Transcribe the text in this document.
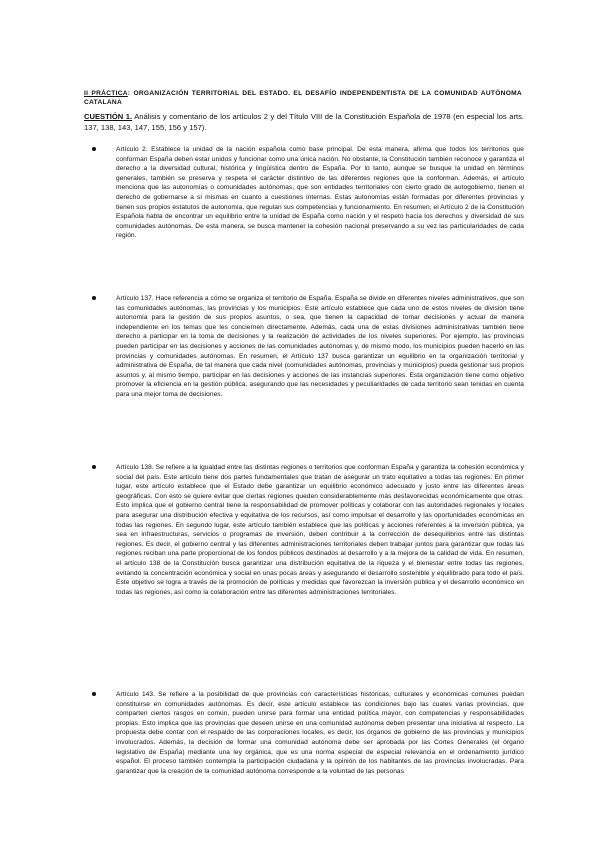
II PRÁCTICA: ORGANIZACIÓN TERRITORIAL DEL ESTADO. EL DESAFÍO INDEPENDENTISTA DE LA COMUNIDAD AUTÓNOMA CATALANA
CUESTIÓN 1. Análisis y comentario de los artículos 2 y del Título VIII de la Constitución Española de 1978 (en especial los arts. 137, 138, 143, 147, 155, 156 y 157).
Artículo 2. Establece la unidad de la nación española como base principal. De esta manera, afirma que todos los territorios que conforman España deben estar unidos y funcionar como una única nación. No obstante, la Constitución también reconoce y garantiza el derecho a la diversidad cultural, histórica y lingüística dentro de España. Por lo tanto, aunque se busque la unidad en términos generales, también se preserva y respeta el carácter distintivo de las diferentes regiones que la conforman. Además, el artículo menciona que las autonomías o comunidades autónomas, que son entidades territoriales con cierto grado de autogobierno, tienen el derecho de gobernarse a sí mismas en cuanto a cuestiones internas. Estas autonomías están formadas por diferentes provincias y tienen sus propios estatutos de autonomía, que regulan sus competencias y funcionamiento. En resumen, el Artículo 2 de la Constitución Española habla de encontrar un equilibrio entre la unidad de España como nación y el respeto hacia los derechos y diversidad de sus comunidades autónomas. De esta manera, se busca mantener la cohesión nacional preservando a su vez las particularidades de cada región.
Artículo 137. Hace referencia a cómo se organiza el territorio de España. España se divide en diferentes niveles administrativos, que son las comunidades autónomas, las provincias y los municipios. Este artículo establece que cada uno de estos niveles de división tiene autonomía para la gestión de sus propios asuntos, o sea, que tienen la capacidad de tomar decisiones y actuar de manera independiente en los temas que les conciernen directamente. Además, cada una de estas divisiones administrativas también tiene derecho a participar en la toma de decisiones y la realización de actividades de los niveles superiores. Por ejemplo, las provincias pueden participar en las decisiones y acciones de las comunidades autónomas y, de mismo modo, los municipios pueden hacerlo en las provincias y comunidades autónomas. En resumen, el Artículo 137 busca garantizar un equilibrio en la organización territorial y administrativa de España, de tal manera que cada nivel (comunidades autónomas, provincias y municipios) pueda gestionar sus propios asuntos y, al mismo tiempo, participar en las decisiones y acciones de las instancias superiores. Esta organización tiene como objetivo promover la eficiencia en la gestión pública, asegurando que las necesidades y peculiaridades de cada territorio sean tenidas en cuenta para una mejor toma de decisiones.
Artículo 138. Se refiere a la igualdad entre las distintas regiones o territorios que conforman España y garantiza la cohesión económica y social del país. Este artículo tiene dos partes fundamentales que tratan de asegurar un trato equitativo a todas las regiones. En primer lugar, este artículo establece que el Estado debe garantizar un equilibrio económico adecuado y justo entre las diferentes áreas geográficas. Con esto se quiere evitar que ciertas regiones queden considerablemente más desfavorecidas económicamente que otras. Esto implica que el gobierno central tiene la responsabilidad de promover políticas y colaborar con las autoridades regionales y locales para asegurar una distribución efectiva y equitativa de los recursos, así como impulsar el desarrollo y las oportunidades económicas en todas las regiones. En segundo lugar, este artículo también establece que las políticas y acciones referentes a la inversión pública, ya sea en infraestructuras, servicios o programas de inversión, deben contribuir a la corrección de desequilibrios entre las distintas regiones. Es decir, el gobierno central y las diferentes administraciones territoriales deben trabajar juntos para garantizar que todas las regiones reciban una parte proporcional de los fondos públicos destinados al desarrollo y a la mejora de la calidad de vida. En resumen, el artículo 138 de la Constitución busca garantizar una distribución equitativa de la riqueza y el bienestar entre todas las regiones, evitando la concentración económica y social en unas pocas áreas y asegurando el desarrollo sostenible y equilibrado para todo el país. Este objetivo se logra a través de la promoción de políticas y medidas que favorezcan la inversión pública y el desarrollo económico en todas las regiones, así como la colaboración entre las diferentes administraciones territoriales.
Artículo 143. Se refiere a la posibilidad de que provincias con características históricas, culturales y económicas comunes puedan constituirse en comunidades autónomas. Es decir, este artículo establece las condiciones bajo las cuales varias provincias, que comparten ciertos rasgos en común, pueden unirse para formar una entidad política mayor, con competencias y responsabilidades propias. Esto implica que las provincias que deseen unirse en una comunidad autónoma deben presentar una iniciativa al respecto. La propuesta debe contar con el respaldo de las corporaciones locales, es decir, los órganos de gobierno de las provincias y municipios involucrados. Además, la decisión de formar una comunidad autónoma debe ser aprobada por las Cortes Generales (el órgano legislativo de España) mediante una ley orgánica, que es una norma especial de especial relevancia en el ordenamiento jurídico español. El proceso también contempla la participación ciudadana y la opinión de los habitantes de las provincias involucradas. Para garantizar que la creación de la comunidad autónoma corresponde a la voluntad de las personas
